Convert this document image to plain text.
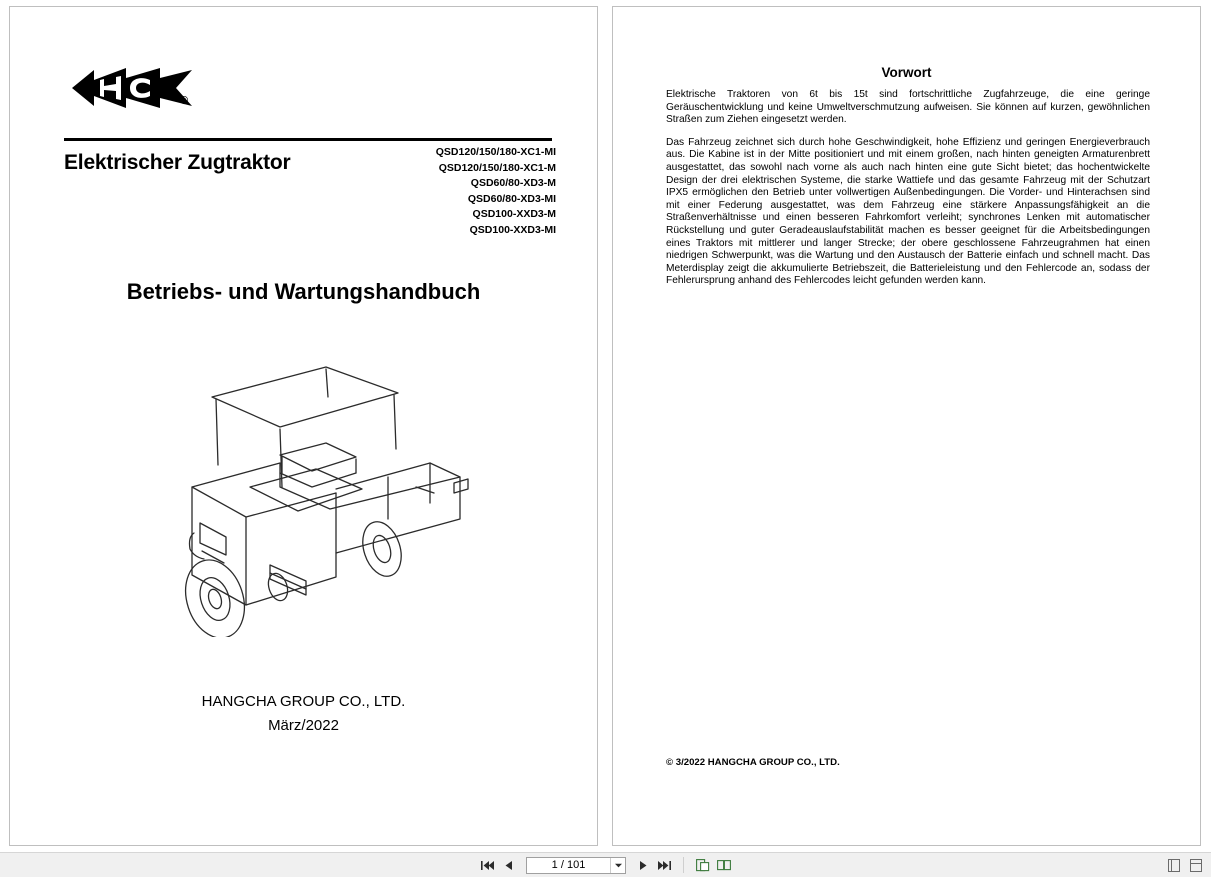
®
Elektrischer Zugtraktor	QSD120/150/180-XC1-MI
QSD120/150/180-XC1-M
QSD60/80-XD3-M
QSD60/80-XD3-MI
QSD100-XXD3-M
QSD100-XXD3-MI
Betriebs- und Wartungshandbuch
HANGCHA GROUP CO., LTD.
März/2022
Vorwort

Elektrische Traktoren von 6t bis 15t sind fortschrittliche Zugfahrzeuge, die eine geringe Geräuschentwicklung und keine Umweltverschmutzung aufweisen. Sie können auf kurzen, gewöhnlichen Straßen zum Ziehen eingesetzt werden.

Das Fahrzeug zeichnet sich durch hohe Geschwindigkeit, hohe Effizienz und geringen Energieverbrauch aus. Die Kabine ist in der Mitte positioniert und mit einem großen, nach hinten geneigten Armaturenbrett ausgestattet, das sowohl nach vorne als auch nach hinten eine gute Sicht bietet; das hochentwickelte Design der drei elektrischen Systeme, die starke Wattiefe und das gesamte Fahrzeug mit der Schutzart IPX5 ermöglichen den Betrieb unter vollwertigen Außenbedingungen. Die Vorder- und Hinterachsen sind mit einer Federung ausgestattet, was dem Fahrzeug eine stärkere Anpassungsfähigkeit an die Straßenverhältnisse und einen besseren Fahrkomfort verleiht; synchrones Lenken mit automatischer Rückstellung und guter Geradeauslaufstabilität machen es besser geeignet für die Arbeitsbedingungen eines Traktors mit mittlerer und langer Strecke; der obere geschlossene Fahrzeugrahmen hat einen niedrigen Schwerpunkt, was die Wartung und den Austausch der Batterie einfach und schnell macht. Das Meterdisplay zeigt die akkumulierte Betriebszeit, die Batterieleistung und den Fehlercode an, sodass der Fehlerursprung anhand des Fehlercodes leicht gefunden werden kann.

© 3/2022 HANGCHA GROUP CO., LTD.
1 / 101
